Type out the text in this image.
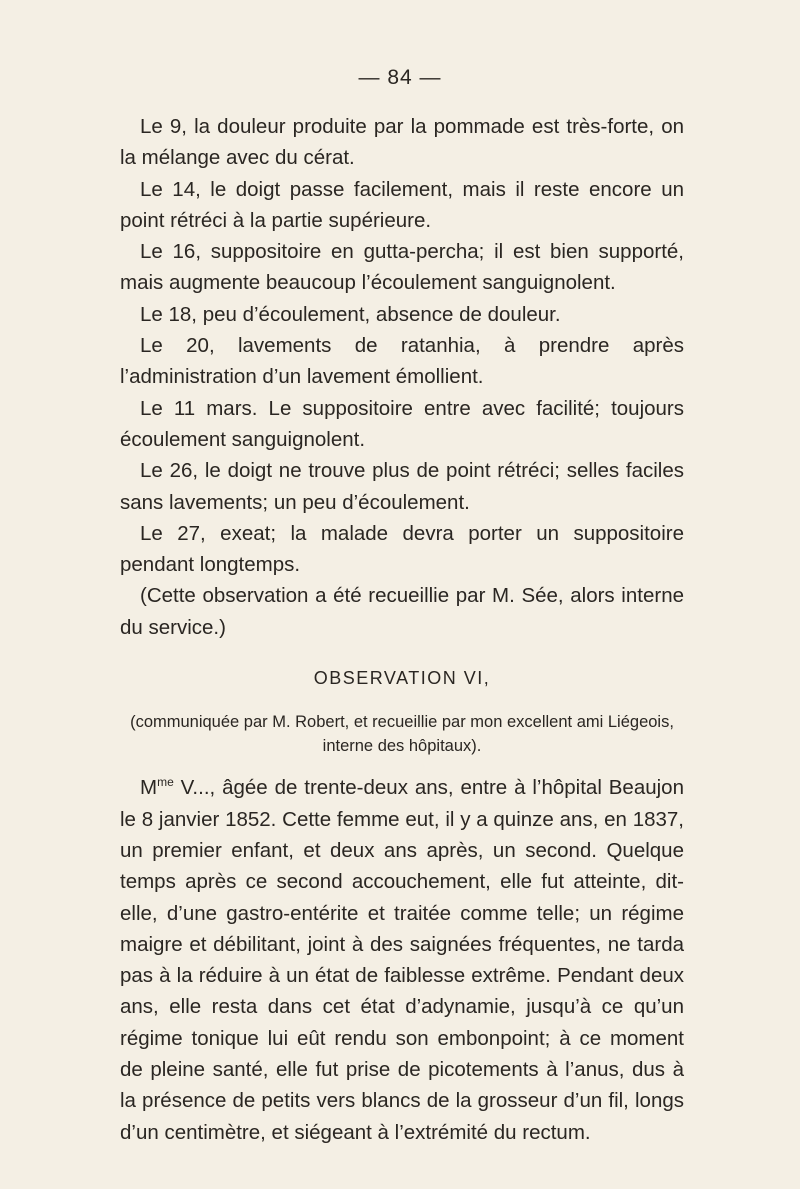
— 84 —

Le 9, la douleur produite par la pommade est très-forte, on la mélange avec du cérat.

Le 14, le doigt passe facilement, mais il reste encore un point rétréci à la partie supérieure.

Le 16, suppositoire en gutta-percha; il est bien supporté, mais augmente beaucoup l’écoulement sanguignolent.

Le 18, peu d’écoulement, absence de douleur.

Le 20, lavements de ratanhia, à prendre après l’administration d’un lavement émollient.

Le 11 mars. Le suppositoire entre avec facilité; toujours écoulement sanguignolent.

Le 26, le doigt ne trouve plus de point rétréci; selles faciles sans lavements; un peu d’écoulement.

Le 27, exeat; la malade devra porter un suppositoire pendant longtemps.

(Cette observation a été recueillie par M. Sée, alors interne du service.)

OBSERVATION VI,

(communiquée par M. Robert, et recueillie par mon excellent ami Liégeois,
interne des hôpitaux).

$M^{me}$ V..., âgée de trente-deux ans, entre à l’hôpital Beaujon le 8 janvier 1852. Cette femme eut, il y a quinze ans, en 1837, un premier enfant, et deux ans après, un second. Quelque temps après ce second accouchement, elle fut atteinte, dit-elle, d’une gastro-entérite et traitée comme telle; un régime maigre et débilitant, joint à des saignées fréquentes, ne tarda pas à la réduire à un état de faiblesse extrême. Pendant deux ans, elle resta dans cet état d’adynamie, jusqu’à ce qu’un régime tonique lui eût rendu son embonpoint; à ce moment de pleine santé, elle fut prise de picotements à l’anus, dus à la présence de petits vers blancs de la grosseur d’un fil, longs d’un centimètre, et siégeant à l’extrémité du rectum.
